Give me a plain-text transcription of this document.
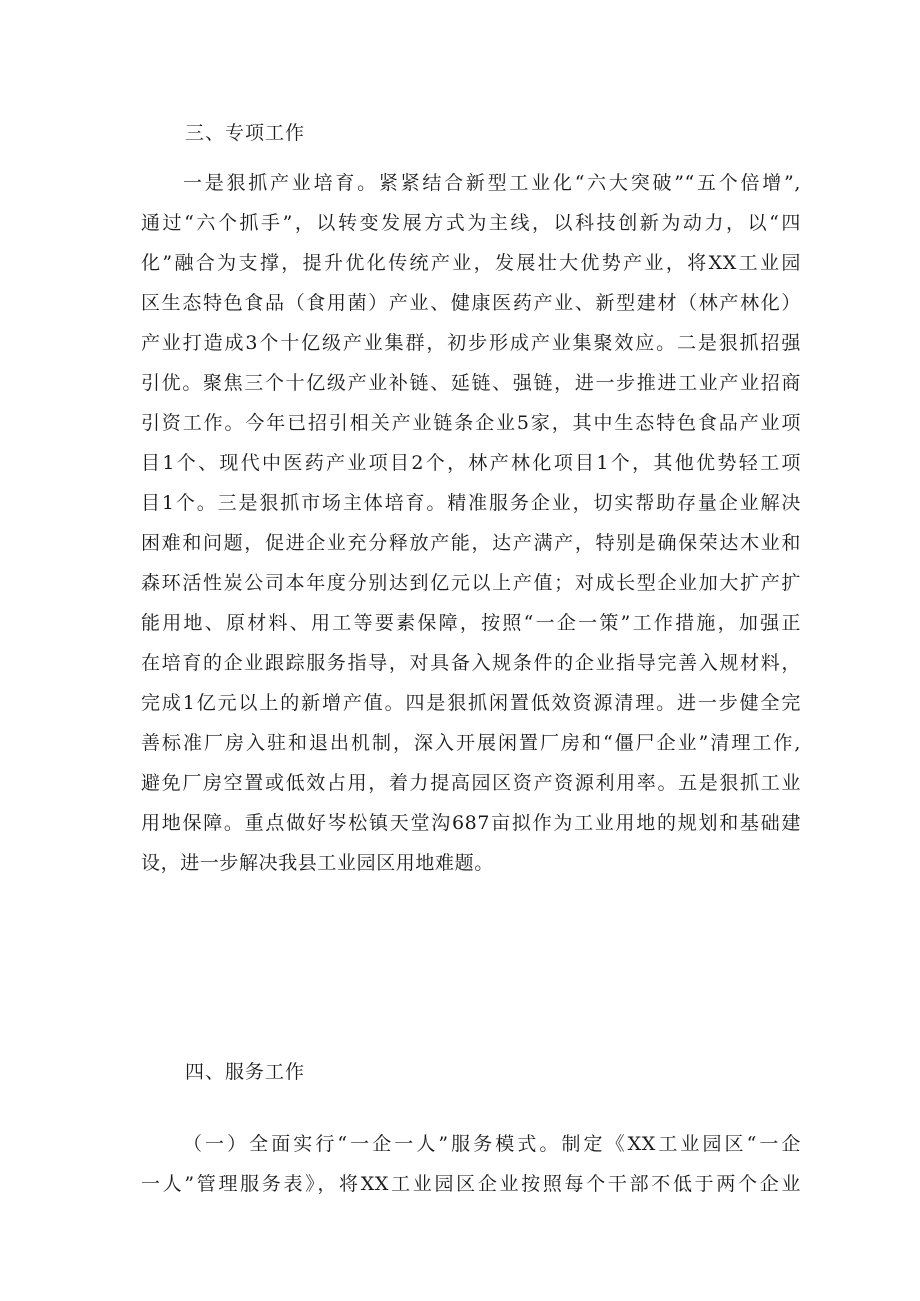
三、专项工作
一是狠抓产业培育。紧紧结合新型工业化“六大突破”“五个倍增”,
通过“六个抓手”，以转变发展方式为主线，以科技创新为动力，以“四
化”融合为支撑，提升优化传统产业，发展壮大优势产业，将XX工业园
区生态特色食品（食用菌）产业、健康医药产业、新型建材（林产林化）
产业打造成3个十亿级产业集群，初步形成产业集聚效应。二是狠抓招强
引优。聚焦三个十亿级产业补链、延链、强链，进一步推进工业产业招商
引资工作。今年已招引相关产业链条企业5家，其中生态特色食品产业项
目1个、现代中医药产业项目2个，林产林化项目1个，其他优势轻工项
目1个。三是狠抓市场主体培育。精准服务企业，切实帮助存量企业解决
困难和问题，促进企业充分释放产能，达产满产，特别是确保荣达木业和
森环活性炭公司本年度分别达到亿元以上产值；对成长型企业加大扩产扩
能用地、原材料、用工等要素保障，按照“一企一策”工作措施，加强正
在培育的企业跟踪服务指导，对具备入规条件的企业指导完善入规材料，
完成1亿元以上的新增产值。四是狠抓闲置低效资源清理。进一步健全完
善标准厂房入驻和退出机制，深入开展闲置厂房和“僵尸企业”清理工作,
避免厂房空置或低效占用，着力提高园区资产资源利用率。五是狠抓工业
用地保障。重点做好岑松镇天堂沟687亩拟作为工业用地的规划和基础建
设，进一步解决我县工业园区用地难题。
四、服务工作
（一）全面实行“一企一人”服务模式。制定《XX工业园区“一企
一人”管理服务表》，将XX工业园区企业按照每个干部不低于两个企业
